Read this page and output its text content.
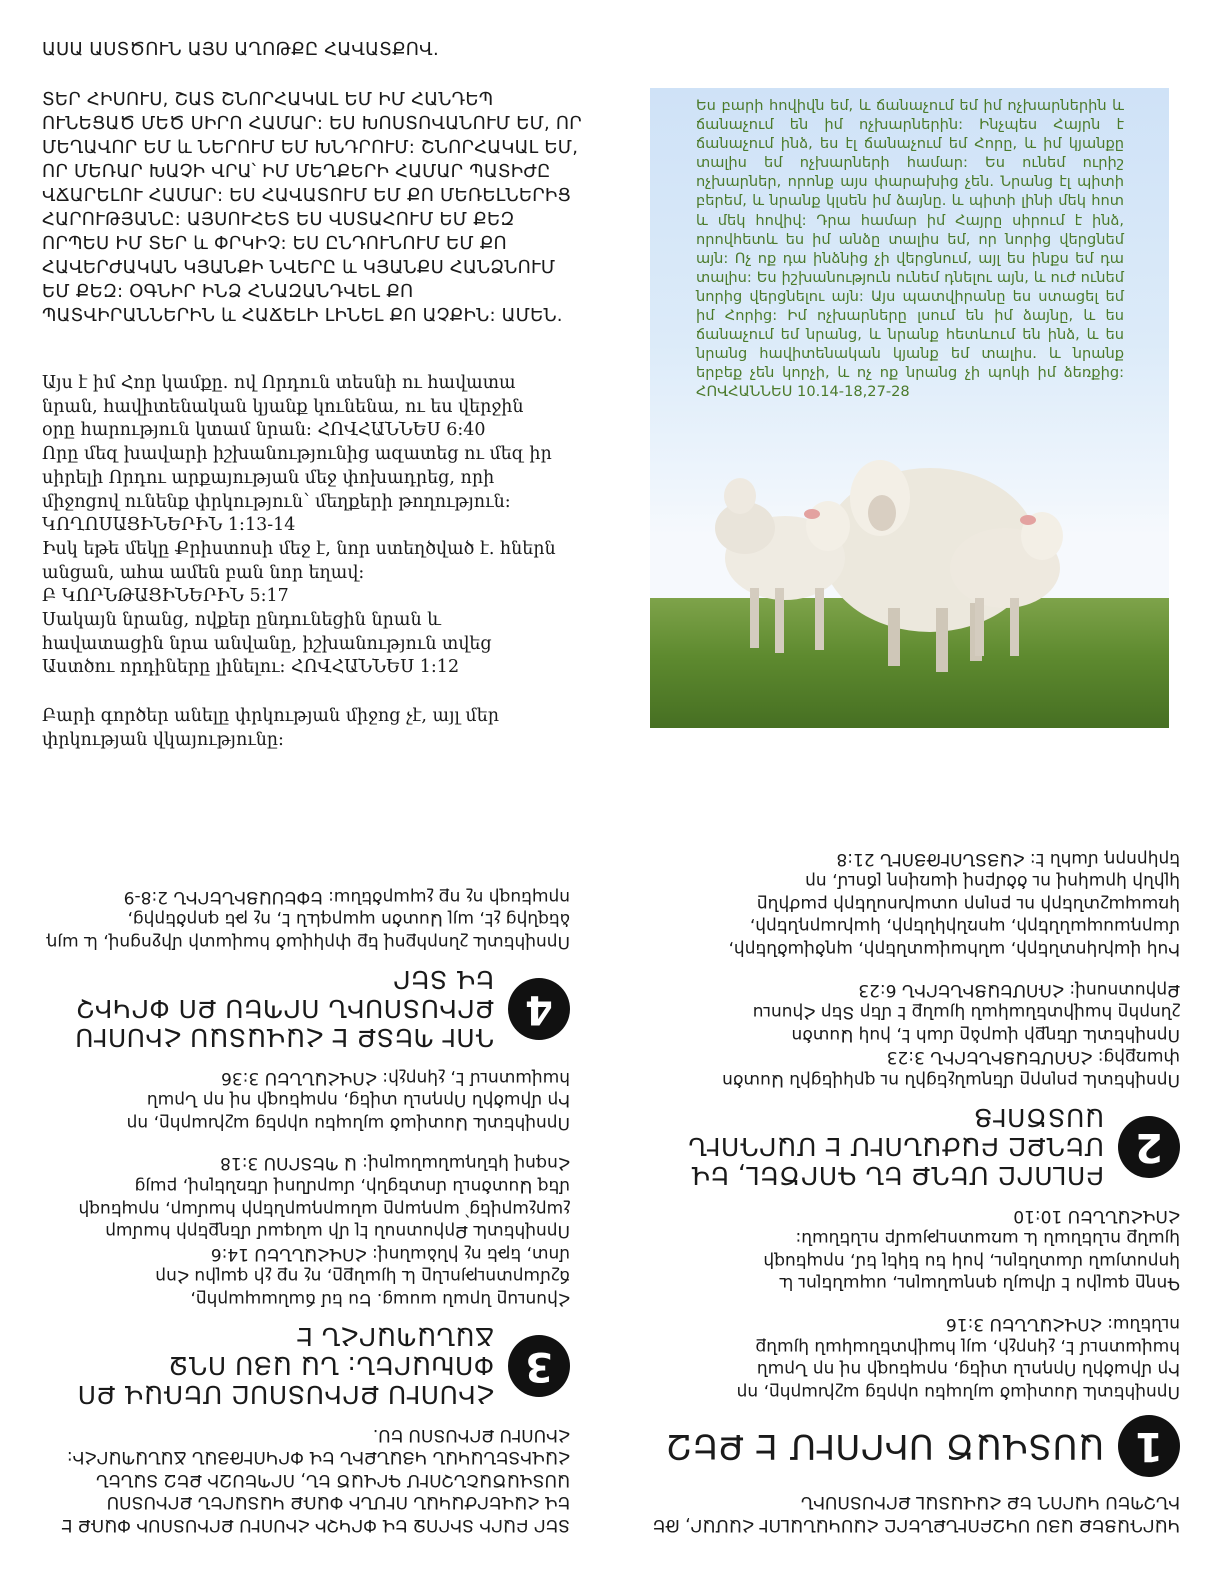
ԱՍԱ ԱՍՏԾՈՒՆ ԱՅՍ ԱՂՈԹՔԸ ՀԱՎԱՏՔՈՎ.

ՏԵՐ ՀԻՍՈՒՍ, ՇԱՏ ՇՆՈՐՀԱԿԱԼ ԵՄ ԻՄ ՀԱՆԴԵՊ ՈՒՆԵՑԱԾ ՄԵԾ ՍԻՐՈ ՀԱՄԱՐ: ԵՍ ԽՈՍՏՈՎԱՆՈՒՄ ԵՄ, ՈՐ ՄԵՂԱՎՈՐ ԵՄ և ՆԵՐՈՒՄ ԵՄ ԽՆԴՐՈՒՄ: ՇՆՈՐՀԱԿԱԼ ԵՄ, ՈՐ ՄԵՌԱՐ ԽԱՉԻ ՎՐԱ՝ ԻՄ ՄԵՂՔԵՐԻ ՀԱՄԱՐ ՊԱՏԻԺԸ ՎՃԱՐԵԼՈՒ ՀԱՄԱՐ: ԵՍ ՀԱՎԱՏՈՒՄ ԵՄ ՔՈ ՄԵՌԵԼՆԵՐԻՑ ՀԱՐՈՒԹՅԱՆԸ: ԱՅՍՈՒՀԵՏ ԵՍ ՎՍՏԱՀՈՒՄ ԵՄ ՔԵԶ ՈՐՊԵՍ ԻՄ ՏԵՐ և ՓՐԿԻՉ: ԵՍ ԸՆԴՈՒՆՈՒՄ ԵՄ ՔՈ ՀԱՎԵՐԺԱԿԱՆ ԿՅԱՆՔԻ ՆՎԵՐԸ և ԿՅԱՆՔՍ ՀԱՆՁՆՈՒՄ ԵՄ ՔԵԶ: ՕԳՆԻՐ ԻՆՁ ՀՆԱԶԱՆԴՎԵԼ ՔՈ ՊԱՏՎԻՐԱՆՆԵՐԻՆ և ՀԱՃԵԼԻ ԼԻՆԵԼ ՔՈ ԱՉՔԻՆ: ԱՄԵՆ.

Այս է իմ Հոր կամքը. ով Որդուն տեսնի ու հավատա
նրան, հավիտենական կյանք կունենա, ու ես վերջին
օրը հարություն կտամ նրան: ՀՈՎՀԱՆՆԵՍ 6:40
Որը մեզ խավարի իշխանությունից ազատեց ու մեզ իր
սիրելի Որդու արքայության մեջ փոխադրեց, որի
միջոցով ունենք փրկություն՝ մեղքերի թողություն:
ԿՈՂՈՍԱՑԻՆԵՐԻՆ 1:13-14
Իսկ եթե մեկը Քրիստոսի մեջ է, նոր ստեղծված է. հներն
անցան, ահա ամեն բան նոր եղավ:
Բ ԿՈՐՆԹԱՑԻՆԵՐԻՆ 5:17
Սակայն նրանց, ովքեր ընդունեցին նրան և
հավատացին նրա անվանը, իշխանություն տվեց
Աստծու որդիները լինելու: ՀՈՎՀԱՆՆԵՍ 1:12
Բարի գործեր անելը փրկության միջոց չէ, այլ մեր
փրկության վկայությունը:
Ես բարի հովիվն եմ, և ճանաչում եմ իմ ոչխարներին և ճանաչում են իմ ոչխարներին: Ինչպես Հայրն է ճանաչում ինձ, ես էլ ճանաչում եմ Հորը, և իմ կյանքը տալիս եմ ոչխարների համար: Ես ունեմ ուրիշ ոչխարներ, որոնք այս փարախից չեն. Նրանց էլ պիտի բերեմ, և նրանք կլսեն իմ ձայնը. և պիտի լինի մեկ հոտ և մեկ հովիվ: Դրա համար իմ Հայրը սիրում է ինձ, որովհետև ես իմ անձը տալիս եմ, որ նորից վերցնեմ այն: Ոչ ոք դա ինձնից չի վերցնում, այլ ես ինքս եմ դա տալիս: Ես իշխանություն ունեմ դնելու այն, և ուժ ունեմ նորից վերցնելու այն: Այս պատվիրանը ես ստացել եմ իմ Հորից: Իմ ոչխարները լսում են իմ ձայնը, և ես ճանաչում եմ նրանց, և նրանք հետևում են ինձ, և ես նրանց հավիտենական կյանք եմ տալիս. և նրանք երբեք չեն կորչի, և ոչ ոք նրանց չի պոկի իմ ձեռքից: ՀՈՎՀԱՆՆԵՍ 10.14-18,27-28
ՏԵՐ ԲԱՐԻ ՏԻՐՈՋ ԵՎ ՓՐԿՉԻ ՀԻՍՈՒՍ ՔՐԻՍՏՈՍԻ ՓԱՌՔ Է
ԵՎ ՀԱՎԵՐԺԱԿԱՆ ՈՒՄՆԻ ՓԱՌՔ ԿԱՏԱՐԵՆ ՔՐԻՍՏՈՍ
ԱՍՏՎԱԾԱՇՆՉՈՒՄ ԳՐՎԱԾ ԵՆ, ՈՐՊԵՍԶԻ ՔԵԶ ՏԱՆԵՆ
ՀԱՎԻՏԵՆԱԿԱՆ ԿՅԱՆՔԻՆ ԵՎ ՓՐԿՈՒԹՅԱՆ ՃԱՆԱՊԱՐՀԻ:
ՀԻՍՈՒՍ ՔՐԻՍՏՈՍ ԵՍ.
3
ՀԻՍՈՒՍ ՔՐԻՍՏՈՍԸ ՄԵՌԱՎ ՔՈ ՓՈԽԱՐԵՆ: ՆԱ ԱՅՍ ՈՂՋ ՃԱՆԱՊԱՐՀՆ Է
Հիսուսը նրան ասաց. Ես եմ ճանապարհը,
ճշմարտությունը և կյանքը, ոչ ոք չի գալիս Հոր
մոտ, եթե ոչ ինձանով: ՀՈՎՀԱՆՆԵՍ 14:6
Որովհետև Քրիստոսն էլ մի անգամ մեղքերի համար
չարչարվեց՝ արդարը անարդարների համար, որպեսզի
մեզ Աստծուն մոտեցնի, մարմնով մեռնելով, բայց
Հոգով կենդանանալով: Ա ՊԵՏՐՈՍ 3:18
Որովհետև Աստված այնպես սիրեց աշխարհը, որ
Իր միածին Որդուն տվեց, որպեսզի ով որ Նրան
հավատում է, չկորչի: ՀՈՎՀԱՆՆԵՍ 3:36
4
ԴՈՒ ՊԵՏՔ Է ՀԱՎԱՏԱՍ ՀԻՍՈՒՍ ՔՐԻՍՏՈՍԻՆ ՈՐՊԵՍ ՔՈ ՓՐԿԻՉ ԵՎ ՏԵՐ
Որովհետև շնորհքով եք փրկված հավատի միջոցով, և այդ
ձեզնից չէ, այլ Աստծո պարգևն է, ոչ թե գործերից,
որպեսզի ոչ ոք չպարծենա: ԵՓԵՍԱՑԻՆԵՐԻՆ 2:8-9
ԿԱՐԴԱՑԵՔ ԱՅՍ ՍԿԶԲՈՒՆՔՆԵՐԸ ՀԱՍԿԱՆԱԼՈՒ ՀԱՄԱՐ, ԹԵ
ԻՆՉՊԵՍ ԿԱՐՈՂ ԵՔ ՀԱՎԱՏԱԼ ՔՐԻՍՏՈՍԻՆ
1
ԱՍՏՎԱԾ ՍԻՐՈՒՄ Է ՔԵԶ
Որովհետև Աստված այնպես սիրեց աշխարհը, որ
Իր միածին Որդուն տվեց, որպեսզի ով որ Նրան
հավատում է, չկորչի, այլ հավիտենական կյանք
ունենա: ՀՈՎՀԱՆՆԵՍ 3:16
Գողը գալիս է միայն գողանալու, սպանելու և
կորստյան մատնելու, իսկ ես եկել եմ, որպեսզի
կյանք ունենան և առատությամբ ունենան:
ՀՈՎՀԱՆՆԵՍ 10:10
2
ԲՈԼՈՐԸ ՄԵՂՔ ԵՆ ԳՈՐԾԵԼ, ԵՎ ՄԵՂՔԸ ԲԱԺԱՆՈՒՄ Է ՄԱՐԴՈՒՆ ԱՍՏԾՈՒՑ
Որովհետև բոլորը մեղանչեցին ու զրկվեցին Աստծո
փառքից: ՀՌՈՄԵԱՑԻՆԵՐԻՆ 3:23
Որովհետև մեղքի վարձը մահ է, իսկ Աստծո
շնորհը հավիտենական կյանք է մեր Տեր Հիսուս
Քրիստոսով: ՀՌՈՄԵԱՑԻՆԵՐԻՆ 6:23
Իսկ վախկոտների, անհավատների, պղծվածների,
մարդասպանների, պոռնիկների, կախարդների,
կռապաշտների ու բոլոր ստախոսների բաժինը
կլինի կրակով ու ծծմբով վառվող լճում, որ
երկրորդ մահն է: ՀԱՅՏՆՈՒԹՅՈՒՆ 21:8
